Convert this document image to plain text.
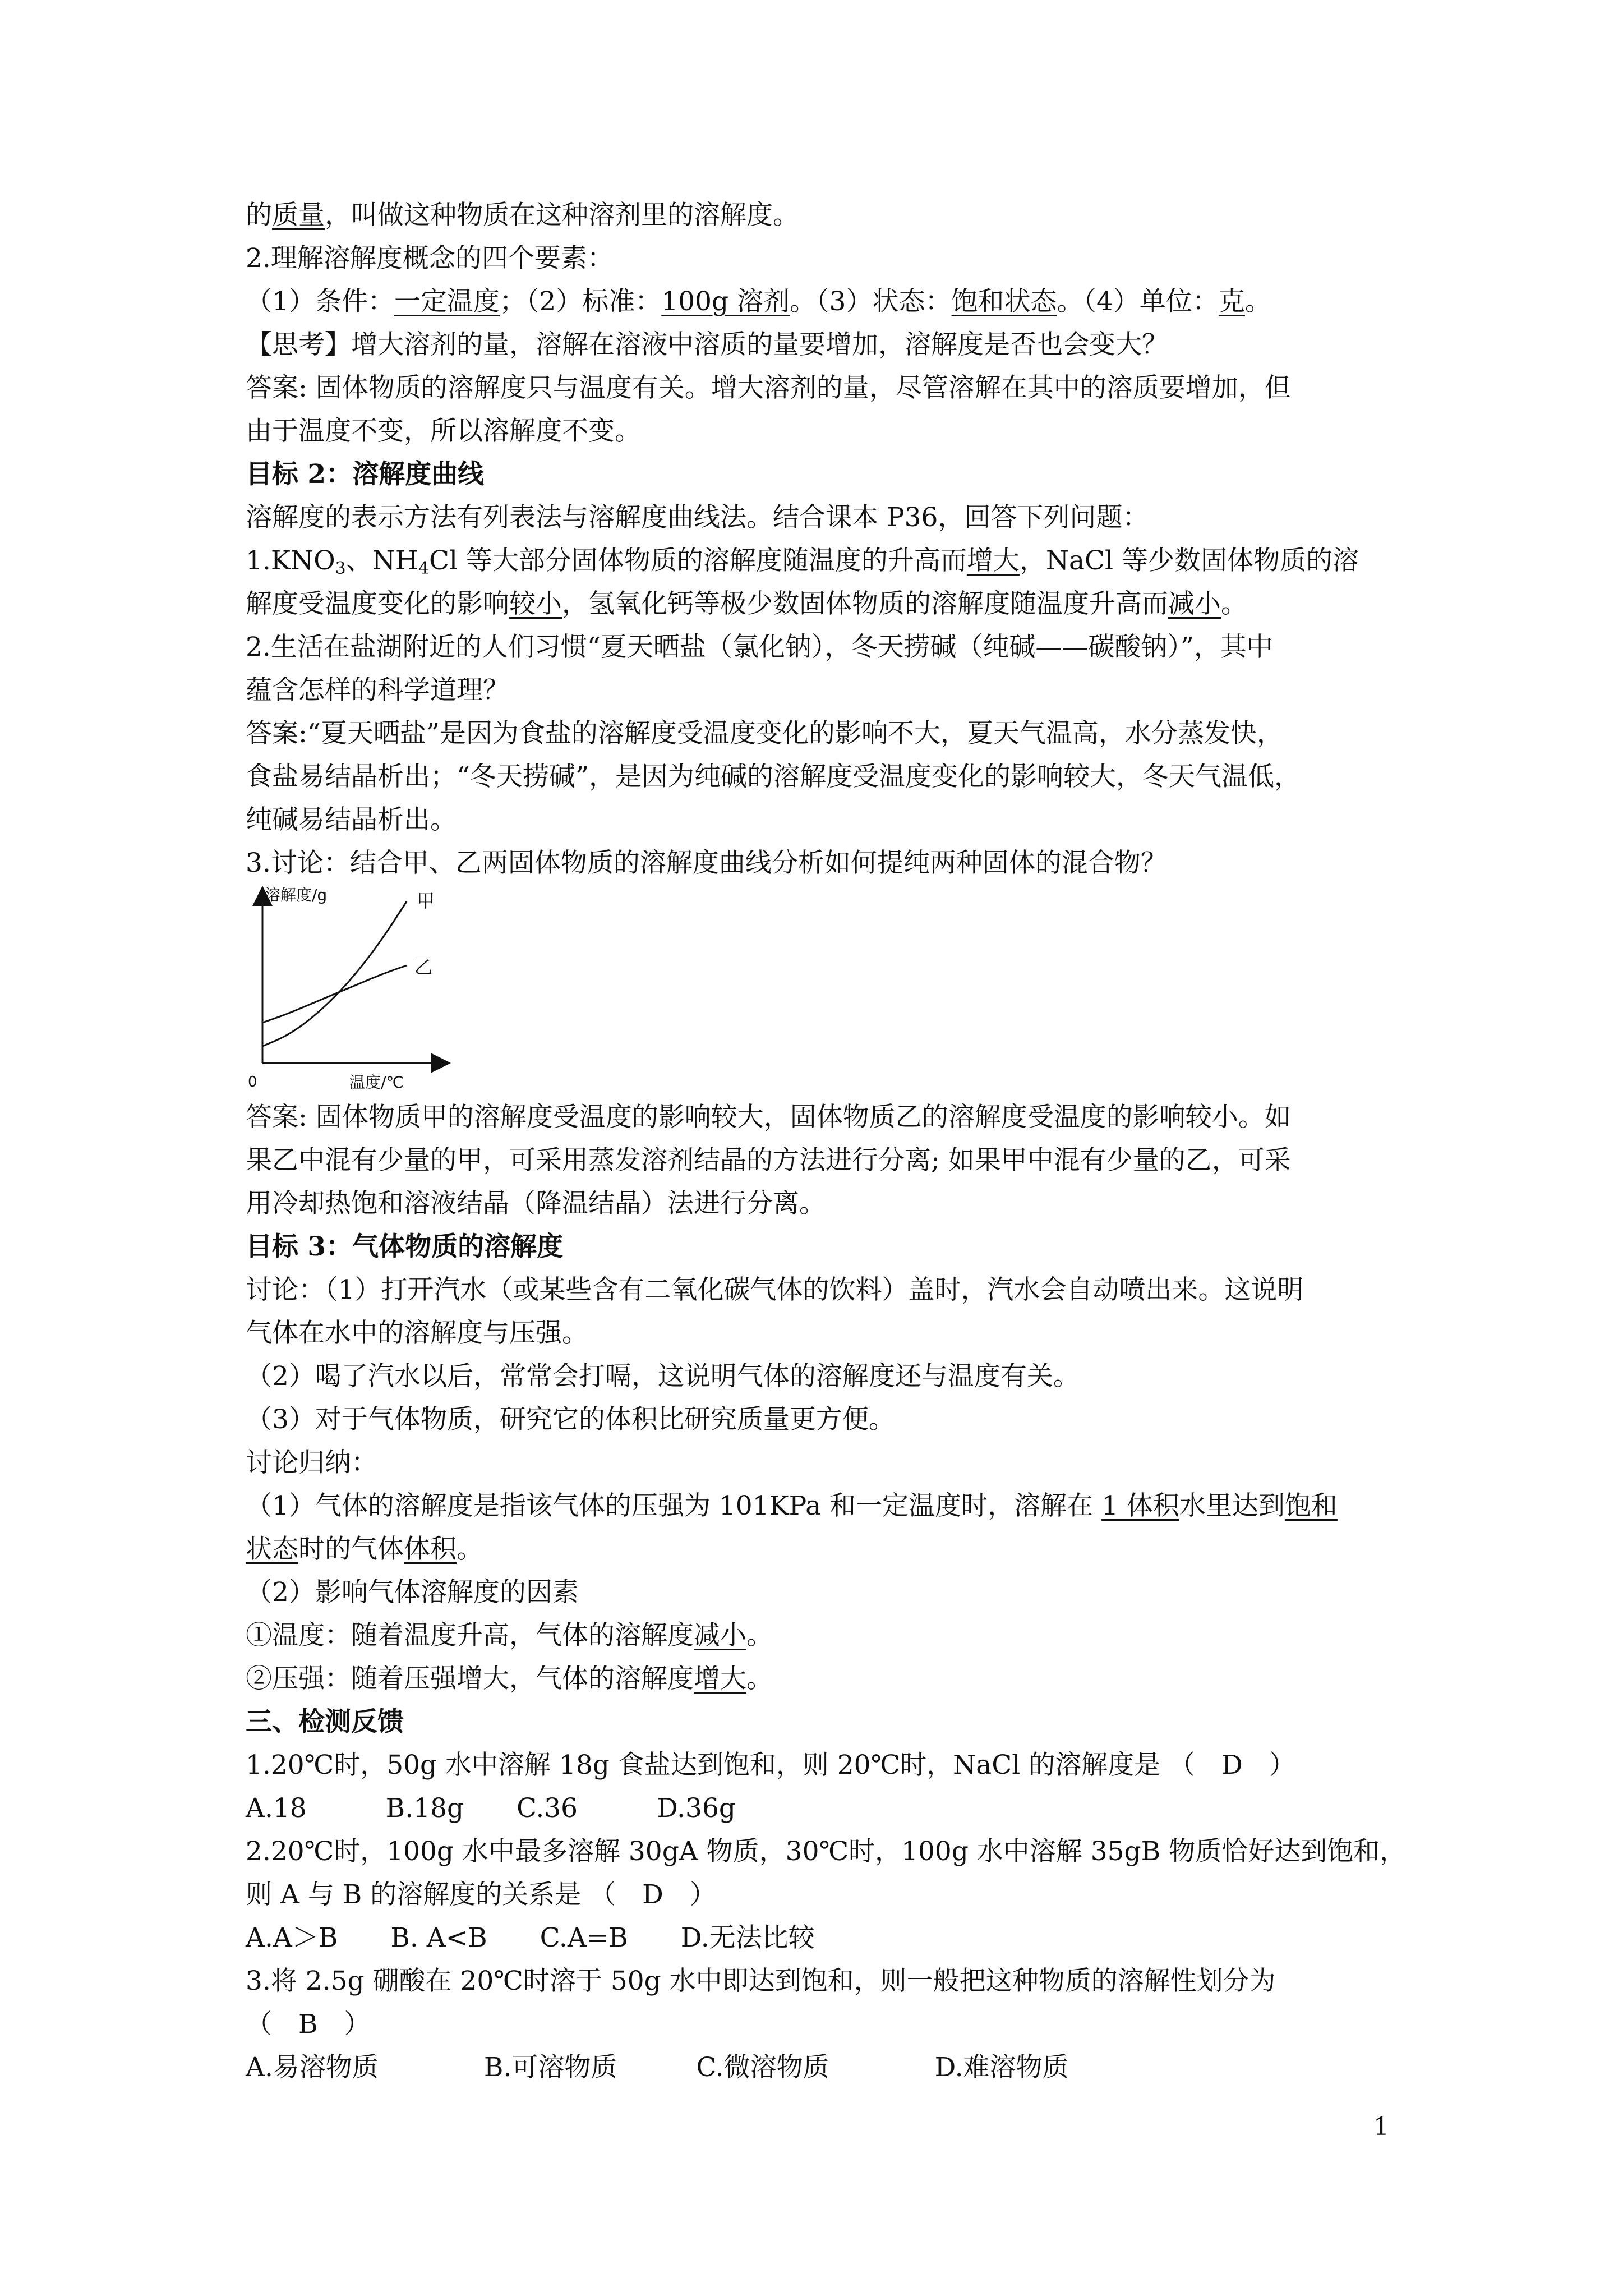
的质量，叫做这种物质在这种溶剂里的溶解度。
2.理解溶解度概念的四个要素：
（1）条件：一定温度；（2）标准：100g 溶剂。（3）状态：饱和状态。（4）单位：克。
【思考】增大溶剂的量，溶解在溶液中溶质的量要增加，溶解度是否也会变大？
答案: 固体物质的溶解度只与温度有关。增大溶剂的量，尽管溶解在其中的溶质要增加，但
由于温度不变，所以溶解度不变。
目标 2：溶解度曲线
溶解度的表示方法有列表法与溶解度曲线法。结合课本 P36，回答下列问题：
$1.KNO_3$、$NH_4Cl$ 等大部分固体物质的溶解度随温度的升高而增大，NaCl 等少数固体物质的溶
解度受温度变化的影响较小，氢氧化钙等极少数固体物质的溶解度随温度升高而减小。
2.生活在盐湖附近的人们习惯“夏天晒盐（氯化钠），冬天捞碱（纯碱——碳酸钠）”，其中
蕴含怎样的科学道理？
答案:“夏天晒盐”是因为食盐的溶解度受温度变化的影响不大，夏天气温高，水分蒸发快，
食盐易结晶析出；“冬天捞碱”，是因为纯碱的溶解度受温度变化的影响较大，冬天气温低，
纯碱易结晶析出。
3.讨论：结合甲、乙两固体物质的溶解度曲线分析如何提纯两种固体的混合物？
溶解度/g
温度/℃
0
甲
乙
答案: 固体物质甲的溶解度受温度的影响较大，固体物质乙的溶解度受温度的影响较小。如
果乙中混有少量的甲，可采用蒸发溶剂结晶的方法进行分离; 如果甲中混有少量的乙，可采
用冷却热饱和溶液结晶（降温结晶）法进行分离。
目标 3：气体物质的溶解度
讨论：（1）打开汽水（或某些含有二氧化碳气体的饮料）盖时，汽水会自动喷出来。这说明
气体在水中的溶解度与压强。
（2）喝了汽水以后，常常会打嗝，这说明气体的溶解度还与温度有关。
（3）对于气体物质，研究它的体积比研究质量更方便。
讨论归纳：
（1）气体的溶解度是指该气体的压强为 101KPa 和一定温度时，溶解在 1 体积水里达到饱和
状态时的气体体积。
（2）影响气体溶解度的因素
①温度：随着温度升高，气体的溶解度减小。
②压强：随着压强增大，气体的溶解度增大。
三、检测反馈
1.20℃时，50g 水中溶解 18g 食盐达到饱和，则 20℃时，NaCl 的溶解度是 （　D　）
A.18　　　B.18g　　C.36　　　D.36g
2.20℃时，100g 水中最多溶解 30gA 物质，30℃时，100g 水中溶解 35gB 物质恰好达到饱和，
则 A 与 B 的溶解度的关系是 （　D　）
A.A＞B　　B. A<B　　C.A=B　　D.无法比较
3.将 2.5g 硼酸在 20℃时溶于 50g 水中即达到饱和，则一般把这种物质的溶解性划分为
（　B　）
A.易溶物质　　　　B.可溶物质　　　C.微溶物质　　　　D.难溶物质
1
